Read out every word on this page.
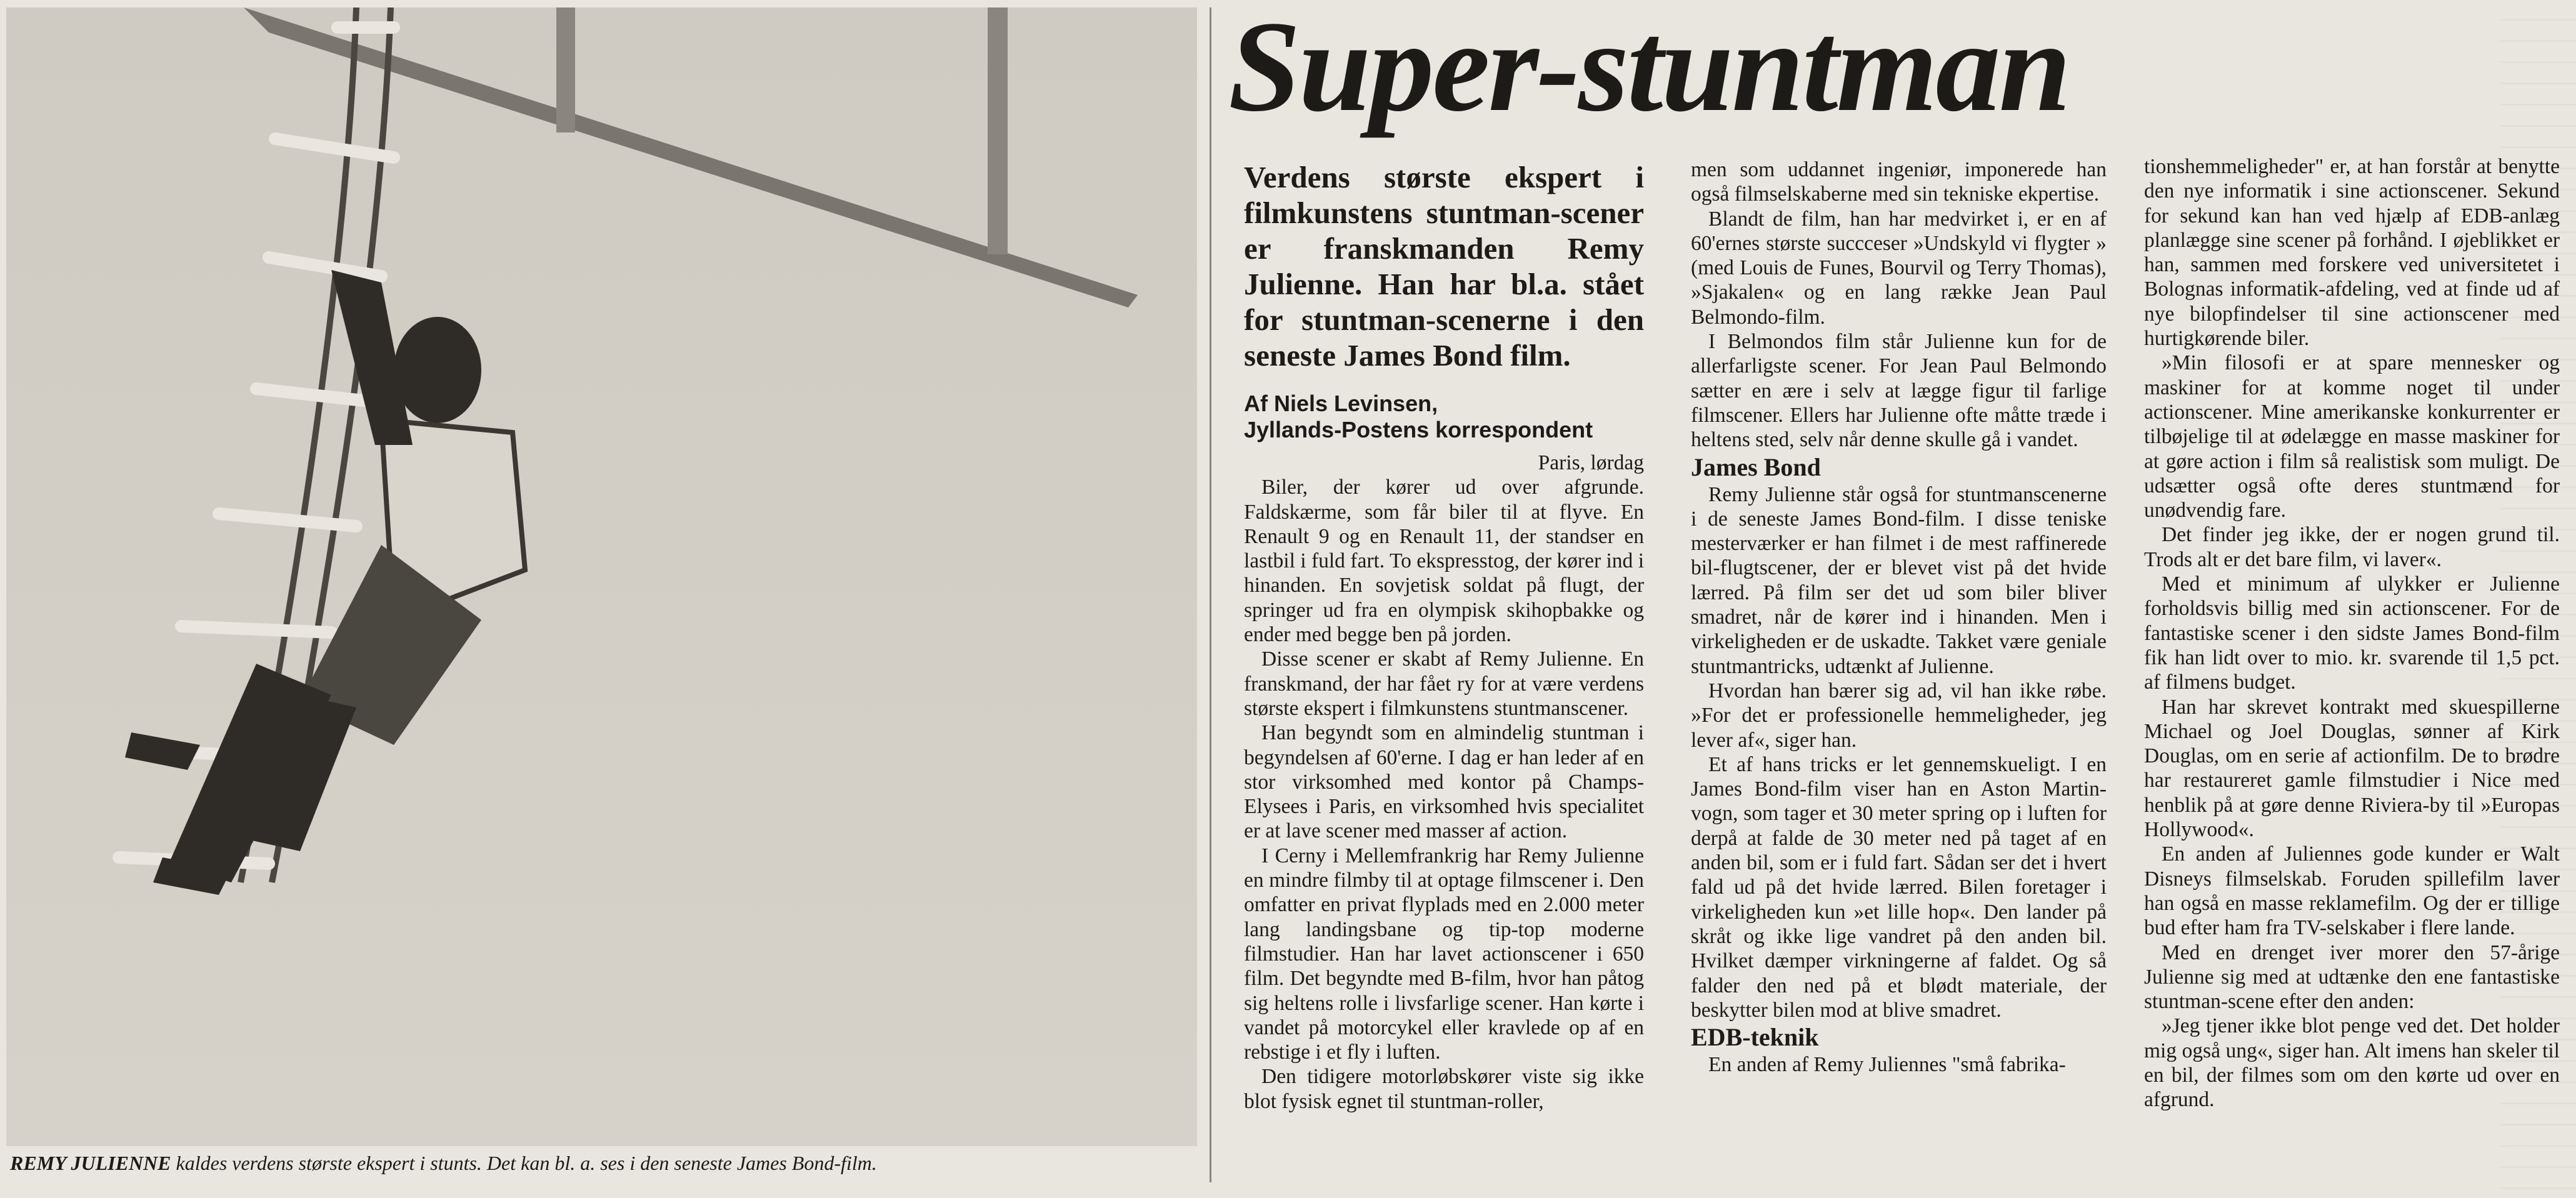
REMY JULIENNE kaldes verdens største ekspert i stunts. Det kan bl. a. ses i den seneste James Bond-film.
Super-stuntman

Verdens største ekspert i filmkunstens stuntman-scener er franskmanden Remy Julienne. Han har bl.a. stået for stuntman-scenerne i den seneste James Bond film.

Af Niels Levinsen,
Jyllands-Postens korrespondent

Paris, lørdag

Biler, der kører ud over afgrunde. Faldskærme, som får biler til at flyve. En Renault 9 og en Renault 11, der standser en lastbil i fuld fart. To ekspresstog, der kører ind i hinanden. En sovjetisk soldat på flugt, der springer ud fra en olympisk skihopbakke og ender med begge ben på jorden.

Disse scener er skabt af Remy Julienne. En franskmand, der har fået ry for at være verdens største ekspert i filmkunstens stuntmanscener.

Han begyndt som en almindelig stuntman i begyndelsen af 60'erne. I dag er han leder af en stor virksomhed med kontor på Champs-Elysees i Paris, en virksomhed hvis specialitet er at lave scener med masser af action.

I Cerny i Mellemfrankrig har Remy Julienne en mindre filmby til at optage filmscener i. Den omfatter en privat flyplads med en 2.000 meter lang landingsbane og tip-top moderne filmstudier. Han har lavet actionscener i 650 film. Det begyndte med B-film, hvor han påtog sig heltens rolle i livsfarlige scener. Han kørte i vandet på motorcykel eller kravlede op af en rebstige i et fly i luften.

Den tidigere motorløbskører viste sig ikke blot fysisk egnet til stuntman-roller,

men som uddannet ingeniør, imponerede han også filmselskaberne med sin tekniske ekpertise.

Blandt de film, han har medvirket i, er en af 60'ernes største succceser »Undskyld vi flygter » (med Louis de Funes, Bourvil og Terry Thomas), »Sjakalen« og en lang række Jean Paul Belmondo-film.

I Belmondos film står Julienne kun for de allerfarligste scener. For Jean Paul Belmondo sætter en ære i selv at lægge figur til farlige filmscener. Ellers har Julienne ofte måtte træde i heltens sted, selv når denne skulle gå i vandet.

James Bond

Remy Julienne står også for stuntmanscenerne i de seneste James Bond-film. I disse teniske mesterværker er han filmet i de mest raffinerede bil-flugtscener, der er blevet vist på det hvide lærred. På film ser det ud som biler bliver smadret, når de kører ind i hinanden. Men i virkeligheden er de uskadte. Takket være geniale stuntmantricks, udtænkt af Julienne.

Hvordan han bærer sig ad, vil han ikke røbe. »For det er professionelle hemmeligheder, jeg lever af«, siger han.

Et af hans tricks er let gennemskueligt. I en James Bond-film viser han en Aston Martin-vogn, som tager et 30 meter spring op i luften for derpå at falde de 30 meter ned på taget af en anden bil, som er i fuld fart. Sådan ser det i hvert fald ud på det hvide lærred. Bilen foretager i virkeligheden kun »et lille hop«. Den lander på skråt og ikke lige vandret på den anden bil. Hvilket dæmper virkningerne af faldet. Og så falder den ned på et blødt materiale, der beskytter bilen mod at blive smadret.

EDB-teknik

En anden af Remy Juliennes "små fabrika-

tionshemmeligheder" er, at han forstår at benytte den nye informatik i sine actionscener. Sekund for sekund kan han ved hjælp af EDB-anlæg planlægge sine scener på forhånd. I øjeblikket er han, sammen med forskere ved universitetet i Bolognas informatik-afdeling, ved at finde ud af nye bilopfindelser til sine actionscener med hurtigkørende biler.

»Min filosofi er at spare mennesker og maskiner for at komme noget til under actionscener. Mine amerikanske konkurrenter er tilbøjelige til at ødelægge en masse maskiner for at gøre action i film så realistisk som muligt. De udsætter også ofte deres stuntmænd for unødvendig fare.

Det finder jeg ikke, der er nogen grund til. Trods alt er det bare film, vi laver«.

Med et minimum af ulykker er Julienne forholdsvis billig med sin actionscener. For de fantastiske scener i den sidste James Bond-film fik han lidt over to mio. kr. svarende til 1,5 pct. af filmens budget.

Han har skrevet kontrakt med skuespillerne Michael og Joel Douglas, sønner af Kirk Douglas, om en serie af actionfilm. De to brødre har restaureret gamle filmstudier i Nice med henblik på at gøre denne Riviera-by til »Europas Hollywood«.

En anden af Juliennes gode kunder er Walt Disneys filmselskab. Foruden spillefilm laver han også en masse reklamefilm. Og der er tillige bud efter ham fra TV-selskaber i flere lande.

Med en drenget iver morer den 57-årige Julienne sig med at udtænke den ene fantastiske stuntman-scene efter den anden:

»Jeg tjener ikke blot penge ved det. Det holder mig også ung«, siger han. Alt imens han skeler til en bil, der filmes som om den kørte ud over en afgrund.
